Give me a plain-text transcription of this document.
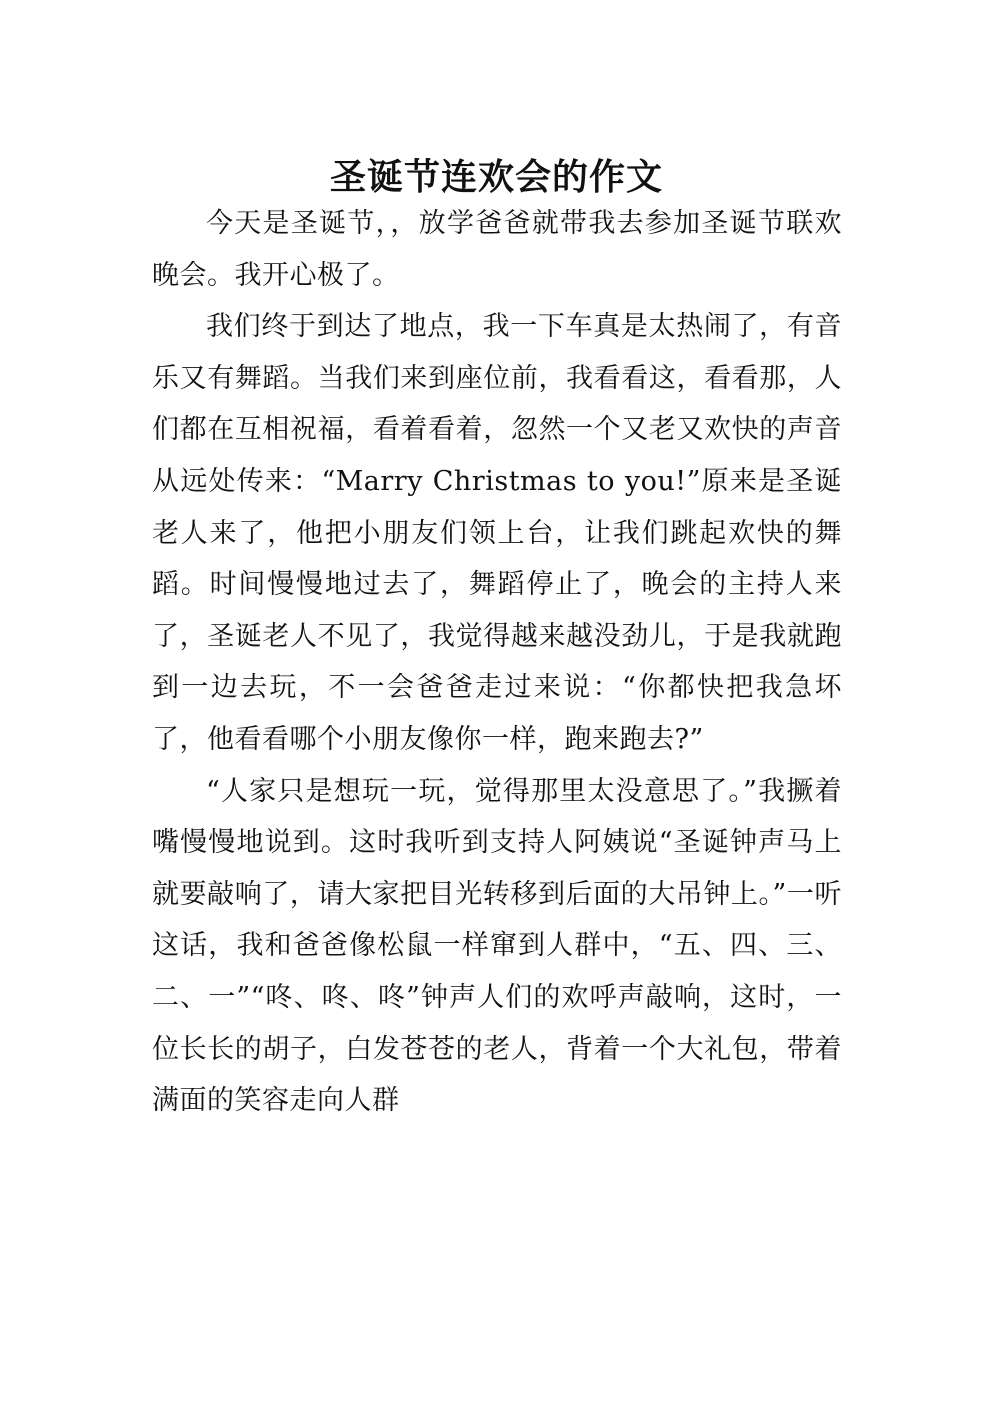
圣诞节连欢会的作文

今天是圣诞节，，放学爸爸就带我去参加圣诞节联欢晚会。我开心极了。

我们终于到达了地点，我一下车真是太热闹了，有音乐又有舞蹈。当我们来到座位前，我看看这，看看那，人们都在互相祝福，看着看着，忽然一个又老又欢快的声音从远处传来：“Marry Christmas to you!”原来是圣诞老人来了，他把小朋友们领上台，让我们跳起欢快的舞蹈。时间慢慢地过去了，舞蹈停止了，晚会的主持人来了，圣诞老人不见了，我觉得越来越没劲儿，于是我就跑到一边去玩，不一会爸爸走过来说：“你都快把我急坏了，他看看哪个小朋友像你一样，跑来跑去?”

“人家只是想玩一玩，觉得那里太没意思了。”我撅着嘴慢慢地说到。这时我听到支持人阿姨说“圣诞钟声马上就要敲响了，请大家把目光转移到后面的大吊钟上。”一听这话，我和爸爸像松鼠一样窜到人群中，“五、四、三、二、一”“咚、咚、咚”钟声人们的欢呼声敲响，这时，一位长长的胡子，白发苍苍的老人，背着一个大礼包，带着满面的笑容走向人群
